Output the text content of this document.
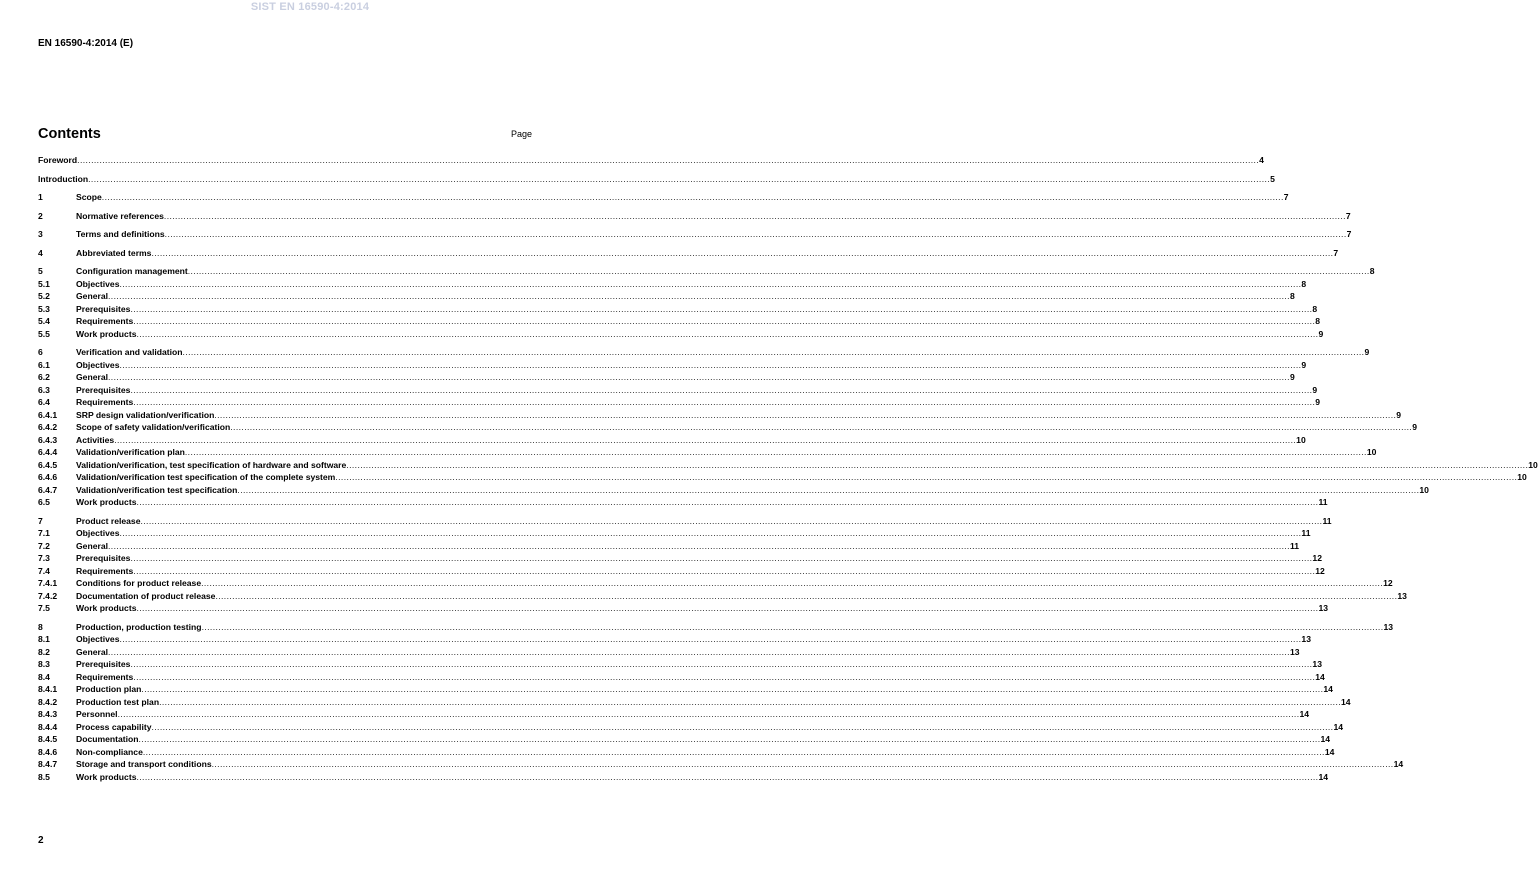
SIST EN 16590-4:2014
EN 16590-4:2014 (E)
Contents	Page
Foreword .....	4
Introduction .....	5
1	Scope .....	7
2	Normative references .....	7
3	Terms and definitions .....	7
4	Abbreviated terms .....	7
5	Configuration management .....	8
5.1	Objectives .....	8
5.2	General .....	8
5.3	Prerequisites .....	8
5.4	Requirements .....	8
5.5	Work products .....	9
6	Verification and validation .....	9
6.1	Objectives .....	9
6.2	General .....	9
6.3	Prerequisites .....	9
6.4	Requirements .....	9
6.4.1	SRP design validation/verification .....	9
6.4.2	Scope of safety validation/verification .....	9
6.4.3	Activities .....	10
6.4.4	Validation/verification plan .....	10
6.4.5	Validation/verification, test specification of hardware and software .....	10
6.4.6	Validation/verification test specification of the complete system .....	10
6.4.7	Validation/verification test specification .....	10
6.5	Work products .....	11
7	Product release .....	11
7.1	Objectives .....	11
7.2	General .....	11
7.3	Prerequisites .....	12
7.4	Requirements .....	12
7.4.1	Conditions for product release .....	12
7.4.2	Documentation of product release .....	13
7.5	Work products .....	13
8	Production, production testing .....	13
8.1	Objectives .....	13
8.2	General .....	13
8.3	Prerequisites .....	13
8.4	Requirements .....	14
8.4.1	Production plan .....	14
8.4.2	Production test plan .....	14
8.4.3	Personnel .....	14
8.4.4	Process capability .....	14
8.4.5	Documentation .....	14
8.4.6	Non-compliance .....	14
8.4.7	Storage and transport conditions .....	14
8.5	Work products .....	14
2
